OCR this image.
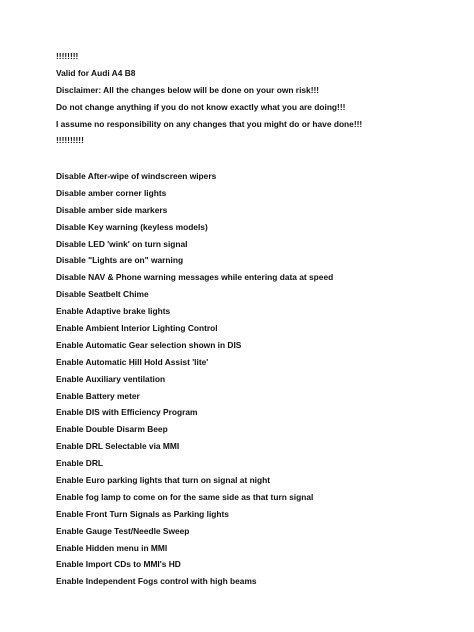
!!!!!!!!
Valid for Audi A4 B8
Disclaimer: All the changes below will be done on your own risk!!!
Do not change anything if you do not know exactly what you are doing!!!
I assume no responsibility on any changes that you might do or have done!!!
!!!!!!!!!!
Disable After-wipe of windscreen wipers
Disable amber corner lights
Disable amber side markers
Disable Key warning (keyless models)
Disable LED 'wink' on turn signal
Disable "Lights are on" warning
Disable NAV & Phone warning messages while entering data at speed
Disable Seatbelt Chime
Enable Adaptive brake lights
Enable Ambient Interior Lighting Control
Enable Automatic Gear selection shown in DIS
Enable Automatic Hill Hold Assist 'lite'
Enable Auxiliary ventilation
Enable Battery meter
Enable DIS with Efficiency Program
Enable Double Disarm Beep
Enable DRL Selectable via MMI
Enable DRL
Enable Euro parking lights that turn on signal at night
Enable fog lamp to come on for the same side as that turn signal
Enable Front Turn Signals as Parking lights
Enable Gauge Test/Needle Sweep
Enable Hidden menu in MMI
Enable Import CDs to MMI's HD
Enable Independent Fogs control with high beams
